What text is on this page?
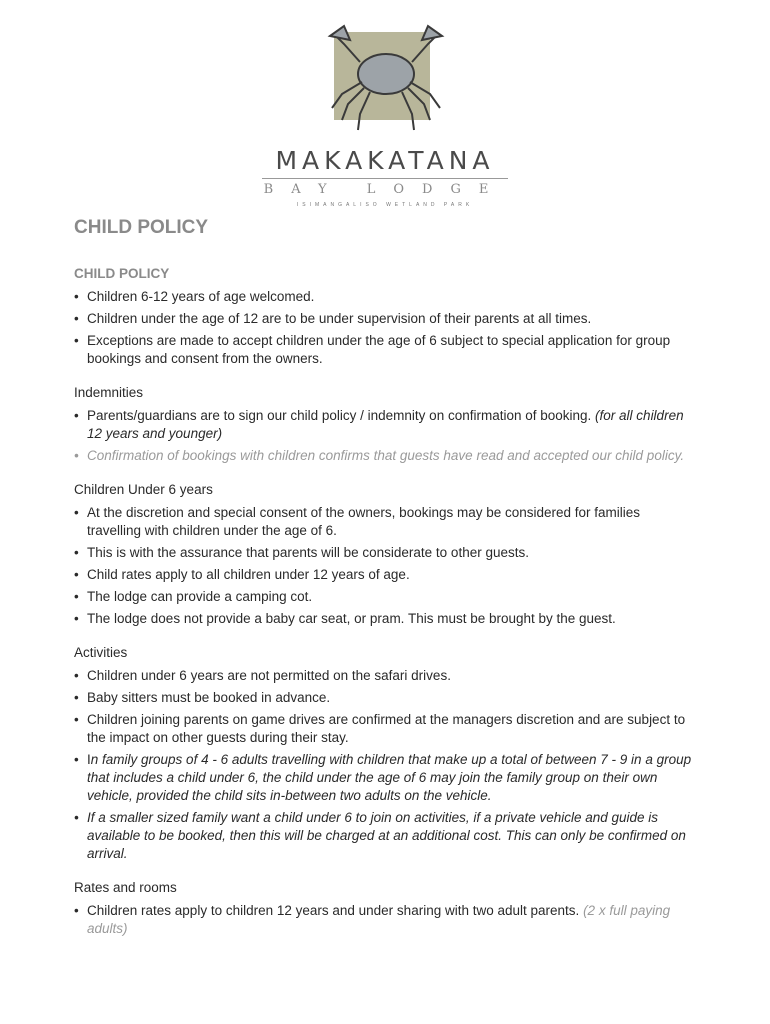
MAKAKATANA
BAY LODGE
ISIMANGALISO WETLAND PARK
CHILD POLICY
CHILD POLICY
• Children 6-12 years of age welcomed.
• Children under the age of 12 are to be under supervision of their parents at all times.
• Exceptions are made to accept children under the age of 6 subject to special application for group bookings and consent from the owners.
Indemnities
• Parents/guardians are to sign our child policy / indemnity on confirmation of booking. (for all children 12 years and younger)
• Confirmation of bookings with children confirms that guests have read and accepted our child policy.
Children Under 6 years
• At the discretion and special consent of the owners, bookings may be considered for families travelling with children under the age of 6.
• This is with the assurance that parents will be considerate to other guests.
• Child rates apply to all children under 12 years of age.
• The lodge can provide a camping cot.
• The lodge does not provide a baby car seat, or pram. This must be brought by the guest.
Activities
• Children under 6 years are not permitted on the safari drives.
• Baby sitters must be booked in advance.
• Children joining parents on game drives are confirmed at the managers discretion and are subject to the impact on other guests during their stay.
• In family groups of 4 - 6 adults travelling with children that make up a total of between 7 - 9 in a group that includes a child under 6, the child under the age of 6 may join the family group on their own vehicle, provided the child sits in-between two adults on the vehicle.
• If a smaller sized family want a child under 6 to join on activities, if a private vehicle and guide is available to be booked, then this will be charged at an additional cost. This can only be confirmed on arrival.
Rates and rooms
• Children rates apply to children 12 years and under sharing with two adult parents. (2 x full paying adults)
